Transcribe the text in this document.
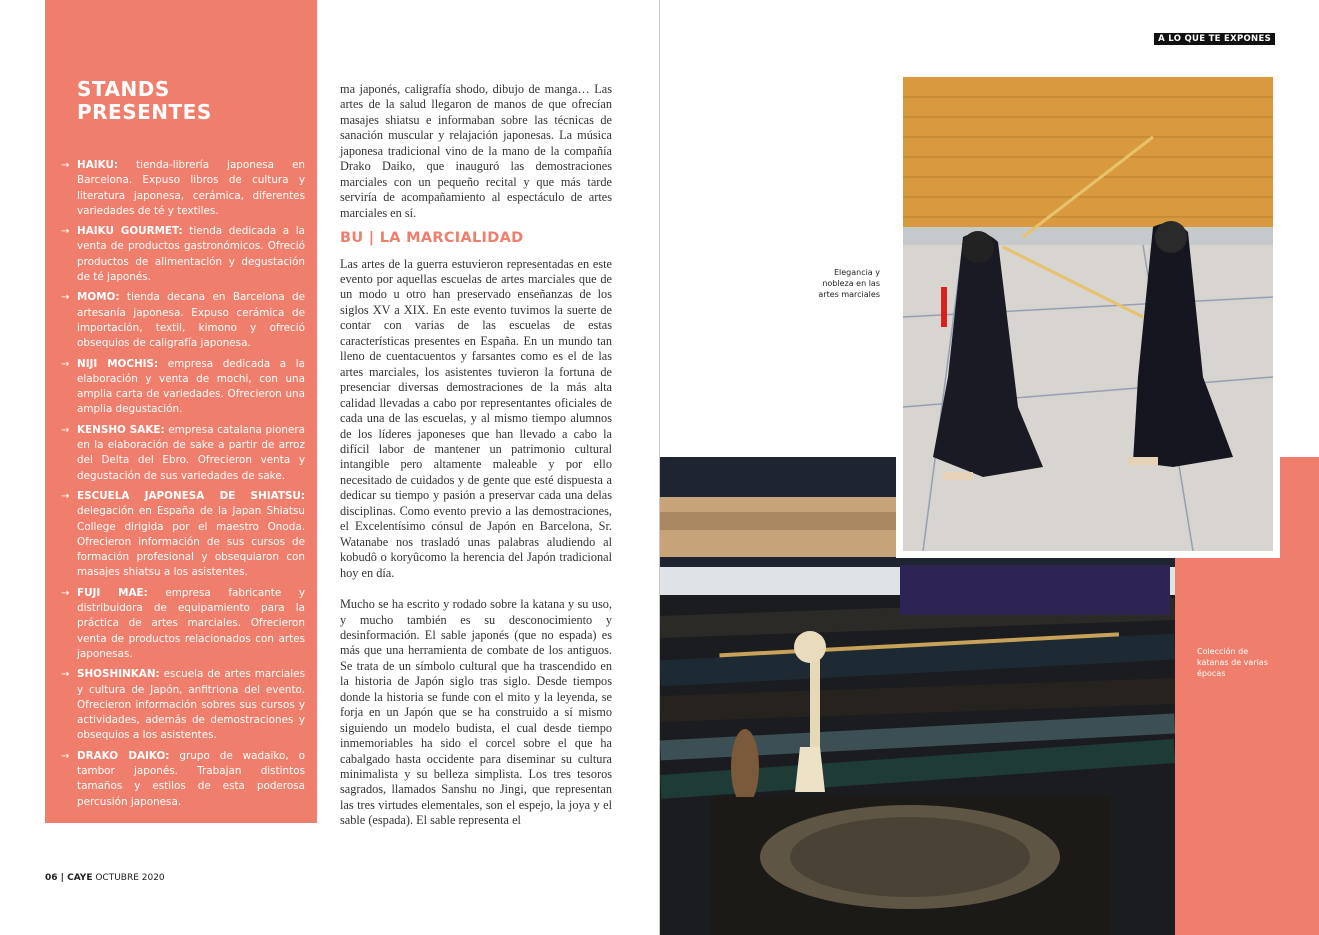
STANDS
PRESENTES
→ HAIKU: tienda-librería japonesa en Barcelona. Expuso libros de cultura y literatura japonesa, cerámica, diferentes variedades de té y textiles.
→ HAIKU GOURMET: tienda dedicada a la venta de productos gastronómicos. Ofreció productos de alimentación y degustación de té japonés.
→ MOMO: tienda decana en Barcelona de artesanía japonesa. Expuso cerámica de importación, textil, kimono y ofreció obsequios de caligrafía japonesa.
→ NIJI MOCHIS: empresa dedicada a la elaboración y venta de mochi, con una amplia carta de variedades. Ofrecieron una amplia degustación.
→ KENSHO SAKE: empresa catalana pionera en la elaboración de sake a partir de arroz del Delta del Ebro. Ofrecieron venta y degustación de sus variedades de sake.
→ ESCUELA JAPONESA DE SHIATSU: delegación en España de la Japan Shiatsu College dirigida por el maestro Onoda. Ofrecieron información de sus cursos de formación profesional y obsequiaron con masajes shiatsu a los asistentes.
→ FUJI MAE: empresa fabricante y distribuidora de equipamiento para la práctica de artes marciales. Ofrecieron venta de productos relacionados con artes japonesas.
→ SHOSHINKAN: escuela de artes marciales y cultura de Japón, anfitriona del evento. Ofrecieron información sobres sus cursos y actividades, además de demostraciones y obsequios a los asistentes.
→ DRAKO DAIKO: grupo de wadaiko, o tambor japonés. Trabajan distintos tamaños y estilos de esta poderosa percusión japonesa.

ma japonés, caligrafía shodo, dibujo de manga… Las artes de la salud llegaron de manos de que ofrecían masajes shiatsu e informaban sobre las técnicas de sanación muscular y relajación japonesas. La música japonesa tradicional vino de la mano de la compañía Drako Daiko, que inauguró las demostraciones marciales con un pequeño recital y que más tarde serviría de acompañamiento al espectáculo de artes marciales en sí.

BU | LA MARCIALIDAD

Las artes de la guerra estuvieron representadas en este evento por aquellas escuelas de artes marciales que de un modo u otro han preservado enseñanzas de los siglos XV a XIX. En este evento tuvimos la suerte de contar con varias de las escuelas de estas características presentes en España. En un mundo tan lleno de cuentacuentos y farsantes como es el de las artes marciales, los asistentes tuvieron la fortuna de presenciar diversas demostraciones de la más alta calidad llevadas a cabo por representantes oficiales de cada una de las escuelas, y al mismo tiempo alumnos de los líderes japoneses que han llevado a cabo la difícil labor de mantener un patrimonio cultural intangible pero altamente maleable y por ello necesitado de cuidados y de gente que esté dispuesta a dedicar su tiempo y pasión a preservar cada una delas disciplinas. Como evento previo a las demostraciones, el Excelentísimo cónsul de Japón en Barcelona, Sr. Watanabe nos trasladó unas palabras aludiendo al kobudô o koryûcomo la herencia del Japón tradicional hoy en día.

Mucho se ha escrito y rodado sobre la katana y su uso, y mucho también es su desconocimiento y desinformación. El sable japonés (que no espada) es más que una herramienta de combate de los antiguos. Se trata de un símbolo cultural que ha trascendido en la historia de Japón siglo tras siglo. Desde tiempos donde la historia se funde con el mito y la leyenda, se forja en un Japón que se ha construido a sí mismo siguiendo un modelo budista, el cual desde tiempo inmemoriables ha sido el corcel sobre el que ha cabalgado hasta occidente para diseminar su cultura minimalista y su belleza simplista. Los tres tesoros sagrados, llamados Sanshu no Jingi, que representan las tres virtudes elementales, son el espejo, la joya y el sable (espada). El sable representa el

06 | CAYE OCTUBRE 2020
A LO QUE TE EXPONES
Elegancia y nobleza en las artes marciales
Colección de katanas de varias épocas
